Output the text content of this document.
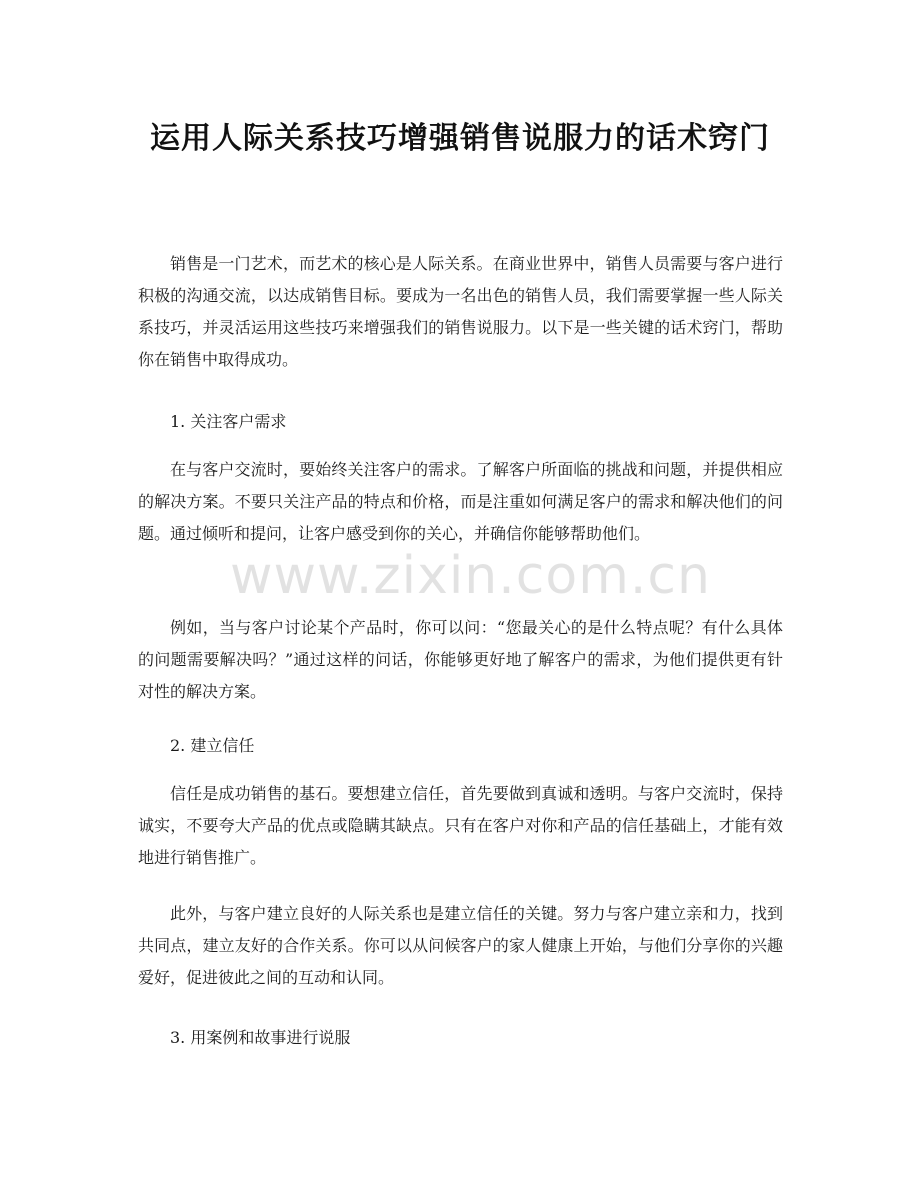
运用人际关系技巧增强销售说服力的话术窍门

销售是一门艺术，而艺术的核心是人际关系。在商业世界中，销售人员需要与客户进行积极的沟通交流，以达成销售目标。要成为一名出色的销售人员，我们需要掌握一些人际关系技巧，并灵活运用这些技巧来增强我们的销售说服力。以下是一些关键的话术窍门，帮助你在销售中取得成功。

1. 关注客户需求

在与客户交流时，要始终关注客户的需求。了解客户所面临的挑战和问题，并提供相应的解决方案。不要只关注产品的特点和价格，而是注重如何满足客户的需求和解决他们的问题。通过倾听和提问，让客户感受到你的关心，并确信你能够帮助他们。

例如，当与客户讨论某个产品时，你可以问：“您最关心的是什么特点呢？有什么具体的问题需要解决吗？”通过这样的问话，你能够更好地了解客户的需求，为他们提供更有针对性的解决方案。

2. 建立信任

信任是成功销售的基石。要想建立信任，首先要做到真诚和透明。与客户交流时，保持诚实，不要夸大产品的优点或隐瞒其缺点。只有在客户对你和产品的信任基础上，才能有效地进行销售推广。

此外，与客户建立良好的人际关系也是建立信任的关键。努力与客户建立亲和力，找到共同点，建立友好的合作关系。你可以从问候客户的家人健康上开始，与他们分享你的兴趣爱好，促进彼此之间的互动和认同。

3. 用案例和故事进行说服

www.zixin.com.cn
